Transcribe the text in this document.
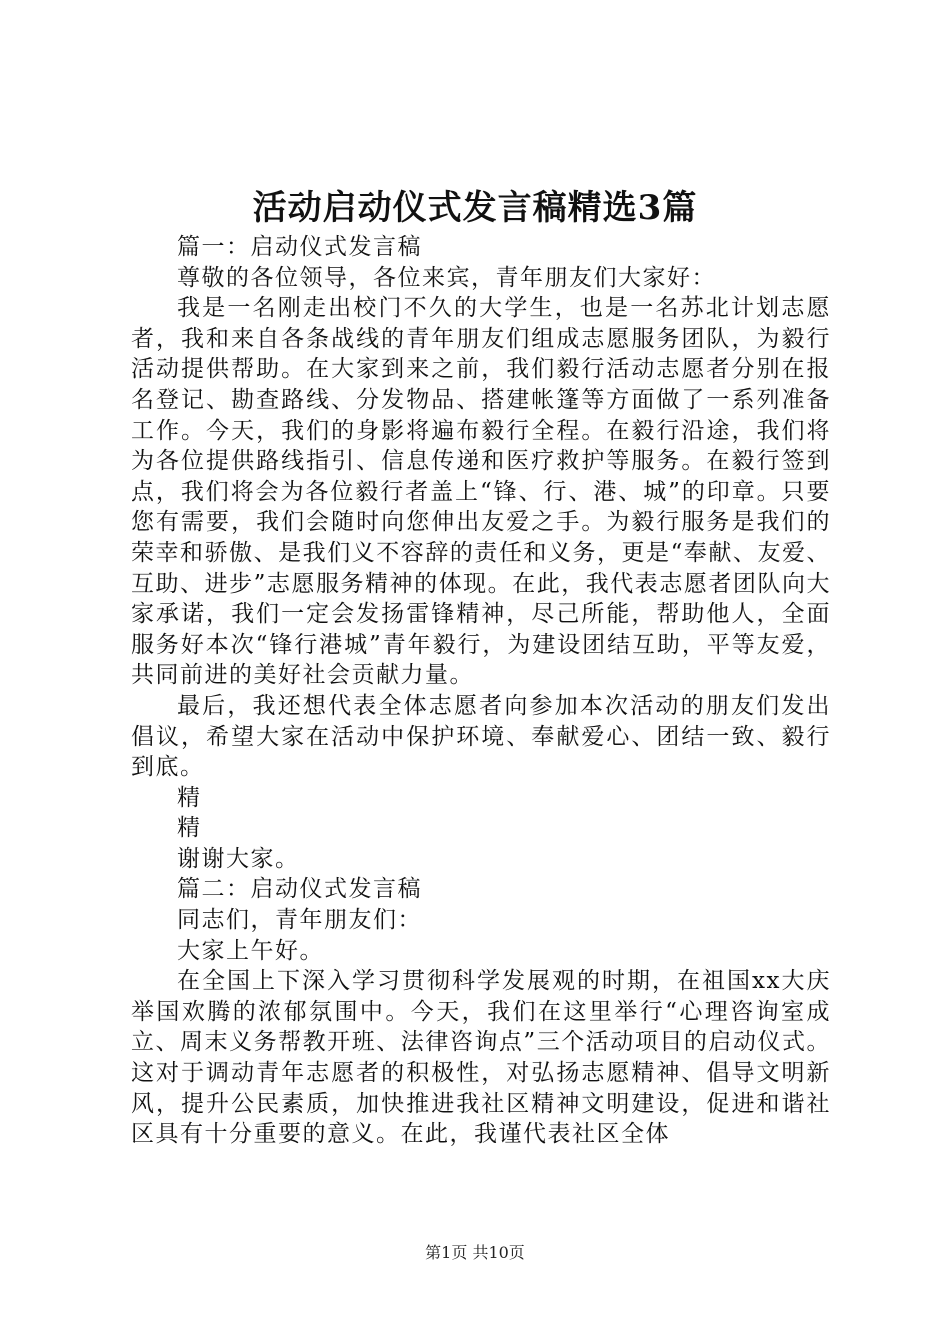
活动启动仪式发言稿精选3篇

篇一：启动仪式发言稿

尊敬的各位领导，各位来宾，青年朋友们大家好：

我是一名刚走出校门不久的大学生，也是一名苏北计划志愿者，我和来自各条战线的青年朋友们组成志愿服务团队，为毅行活动提供帮助。在大家到来之前，我们毅行活动志愿者分别在报名登记、勘查路线、分发物品、搭建帐篷等方面做了一系列准备工作。今天，我们的身影将遍布毅行全程。在毅行沿途，我们将为各位提供路线指引、信息传递和医疗救护等服务。在毅行签到点，我们将会为各位毅行者盖上“锋、行、港、城”的印章。只要您有需要，我们会随时向您伸出友爱之手。为毅行服务是我们的荣幸和骄傲、是我们义不容辞的责任和义务，更是“奉献、友爱、互助、进步”志愿服务精神的体现。在此，我代表志愿者团队向大家承诺，我们一定会发扬雷锋精神，尽己所能，帮助他人，全面服务好本次“锋行港城”青年毅行，为建设团结互助，平等友爱，共同前进的美好社会贡献力量。

最后，我还想代表全体志愿者向参加本次活动的朋友们发出倡议，希望大家在活动中保护环境、奉献爱心、团结一致、毅行到底。

精

精

谢谢大家。

篇二：启动仪式发言稿

同志们，青年朋友们：

大家上午好。

在全国上下深入学习贯彻科学发展观的时期，在祖国xx大庆举国欢腾的浓郁氛围中。今天，我们在这里举行“心理咨询室成立、周末义务帮教开班、法律咨询点”三个活动项目的启动仪式。这对于调动青年志愿者的积极性，对弘扬志愿精神、倡导文明新风，提升公民素质，加快推进我社区精神文明建设，促进和谐社区具有十分重要的意义。在此，我谨代表社区全体

第1页 共10页
